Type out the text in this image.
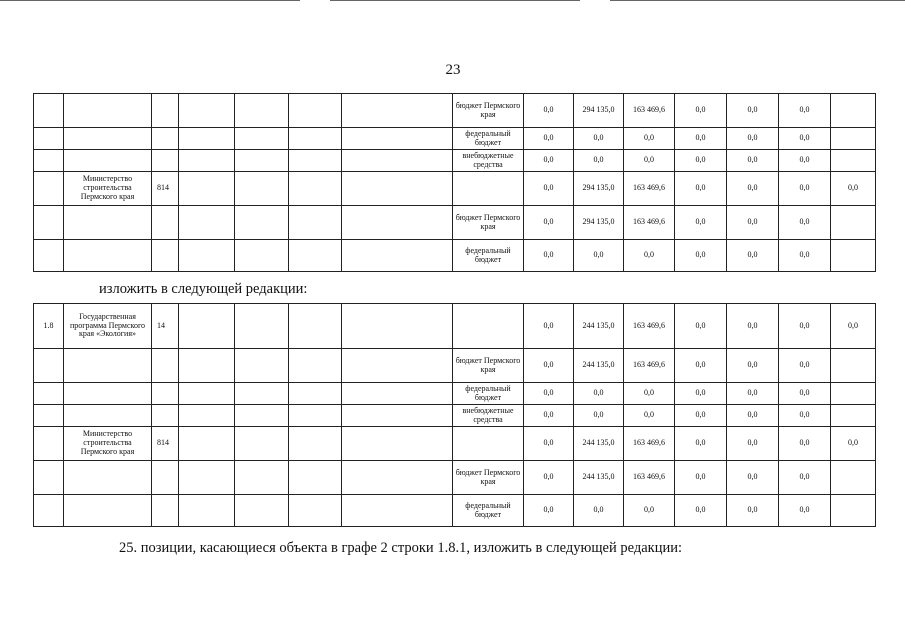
23
							бюджет Пермского края	0,0	294 135,0	163 469,6	0,0	0,0	0,0	
							федеральный бюджет	0,0	0,0	0,0	0,0	0,0	0,0	
							внебюджетные средства	0,0	0,0	0,0	0,0	0,0	0,0	
	Министерство строительства Пермского края	814						0,0	294 135,0	163 469,6	0,0	0,0	0,0	0,0
							бюджет Пермского края	0,0	294 135,0	163 469,6	0,0	0,0	0,0	
							федеральный бюджет	0,0	0,0	0,0	0,0	0,0	0,0	
изложить в следующей редакции:
1.8	Государственная программа Пермского края «Экология»	14						0,0	244 135,0	163 469,6	0,0	0,0	0,0	0,0
							бюджет Пермского края	0,0	244 135,0	163 469,6	0,0	0,0	0,0	
							федеральный бюджет	0,0	0,0	0,0	0,0	0,0	0,0	
							внебюджетные средства	0,0	0,0	0,0	0,0	0,0	0,0	
	Министерство строительства Пермского края	814						0,0	244 135,0	163 469,6	0,0	0,0	0,0	0,0
							бюджет Пермского края	0,0	244 135,0	163 469,6	0,0	0,0	0,0	
							федеральный бюджет	0,0	0,0	0,0	0,0	0,0	0,0	
25. позиции, касающиеся объекта в графе 2 строки 1.8.1, изложить в следующей редакции:
